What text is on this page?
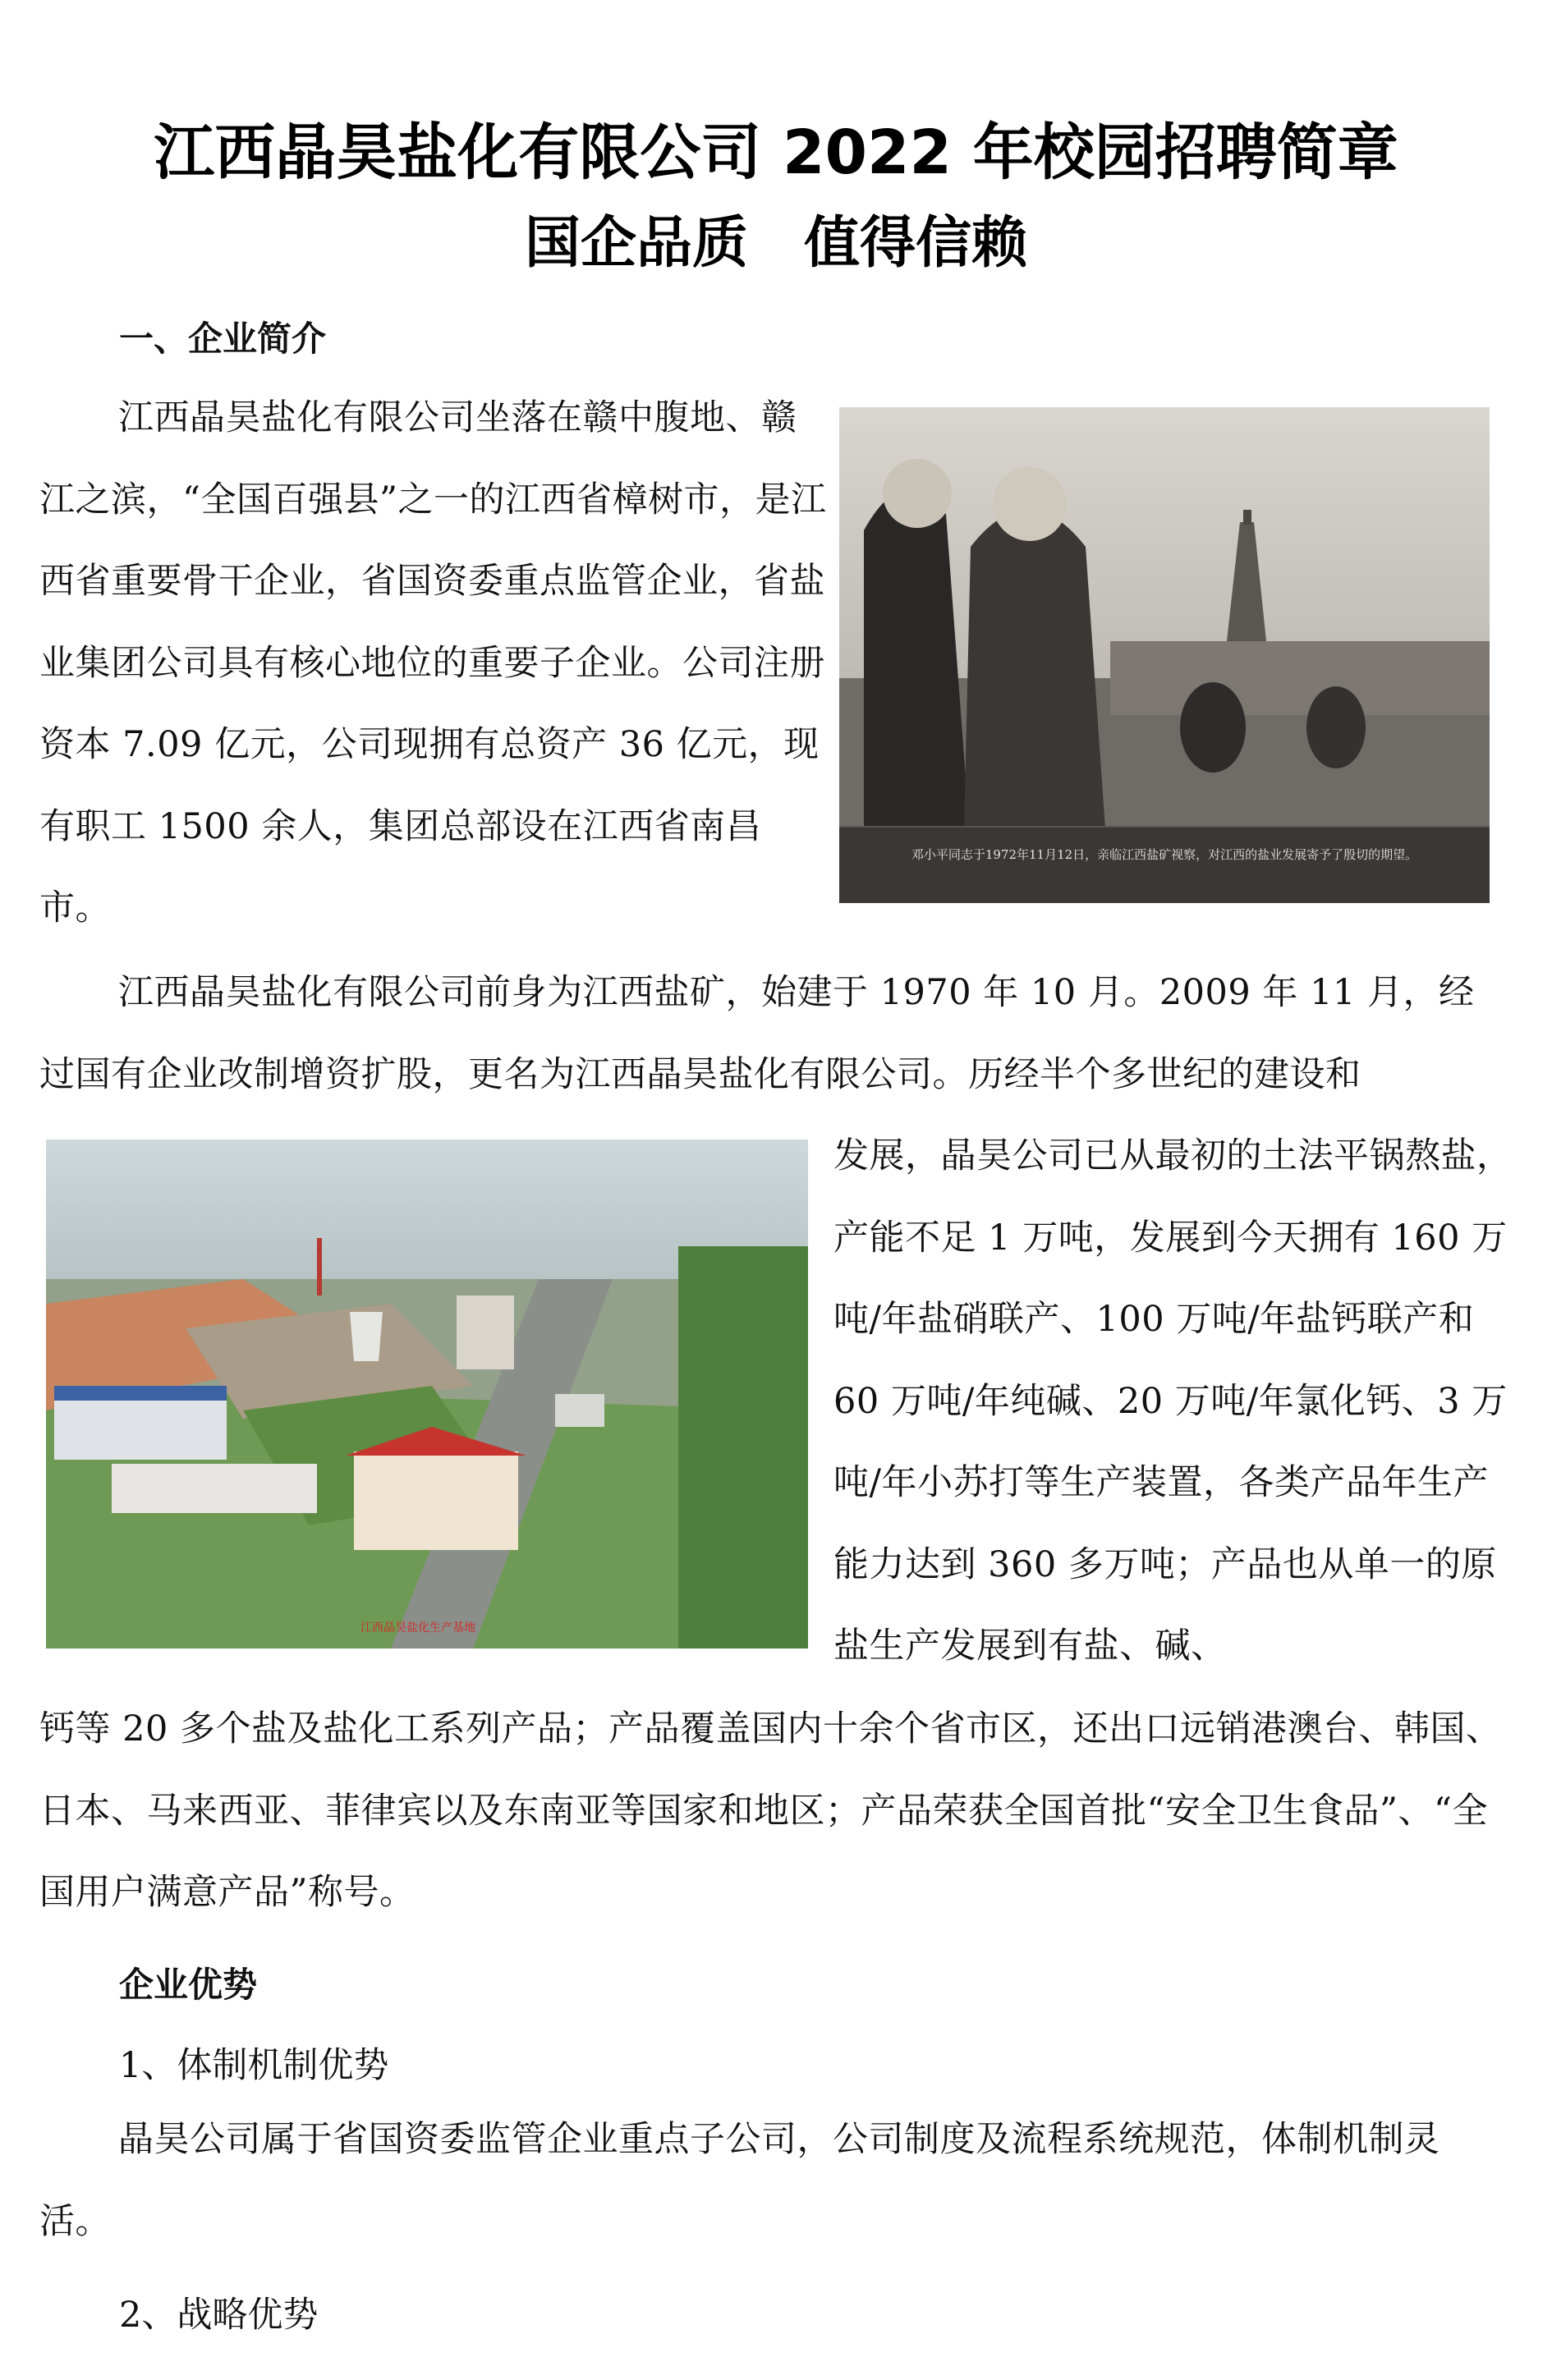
江西晶昊盐化有限公司 2022 年校园招聘简章
国企品质　值得信赖
一、企业简介
江西晶昊盐化有限公司坐落在赣中腹地、赣江之滨，“全国百强县”之一的江西省樟树市，是江西省重要骨干企业，省国资委重点监管企业，省盐业集团公司具有核心地位的重要子企业。公司注册资本 7.09 亿元，公司现拥有总资产 36 亿元，现有职工 1500 余人，集团总部设在江西省南昌市。
邓小平同志于1972年11月12日，亲临江西盐矿视察，对江西的盐业发展寄予了殷切的期望。
江西晶昊盐化有限公司前身为江西盐矿，始建于 1970 年 10 月。2009 年 11 月，经过国有企业改制增资扩股，更名为江西晶昊盐化有限公司。历经半个多世纪的建设和
江西晶昊盐化生产基地
发展，晶昊公司已从最初的土法平锅熬盐，产能不足 1 万吨，发展到今天拥有 160 万吨/年盐硝联产、100 万吨/年盐钙联产和 60 万吨/年纯碱、20 万吨/年氯化钙、3 万吨/年小苏打等生产装置，各类产品年生产能力达到 360 多万吨；产品也从单一的原盐生产发展到有盐、碱、
钙等 20 多个盐及盐化工系列产品；产品覆盖国内十余个省市区，还出口远销港澳台、韩国、日本、马来西亚、菲律宾以及东南亚等国家和地区；产品荣获全国首批“安全卫生食品”、“全国用户满意产品”称号。
企业优势
1、体制机制优势
晶昊公司属于省国资委监管企业重点子公司，公司制度及流程系统规范，体制机制灵活。
2、战略优势
